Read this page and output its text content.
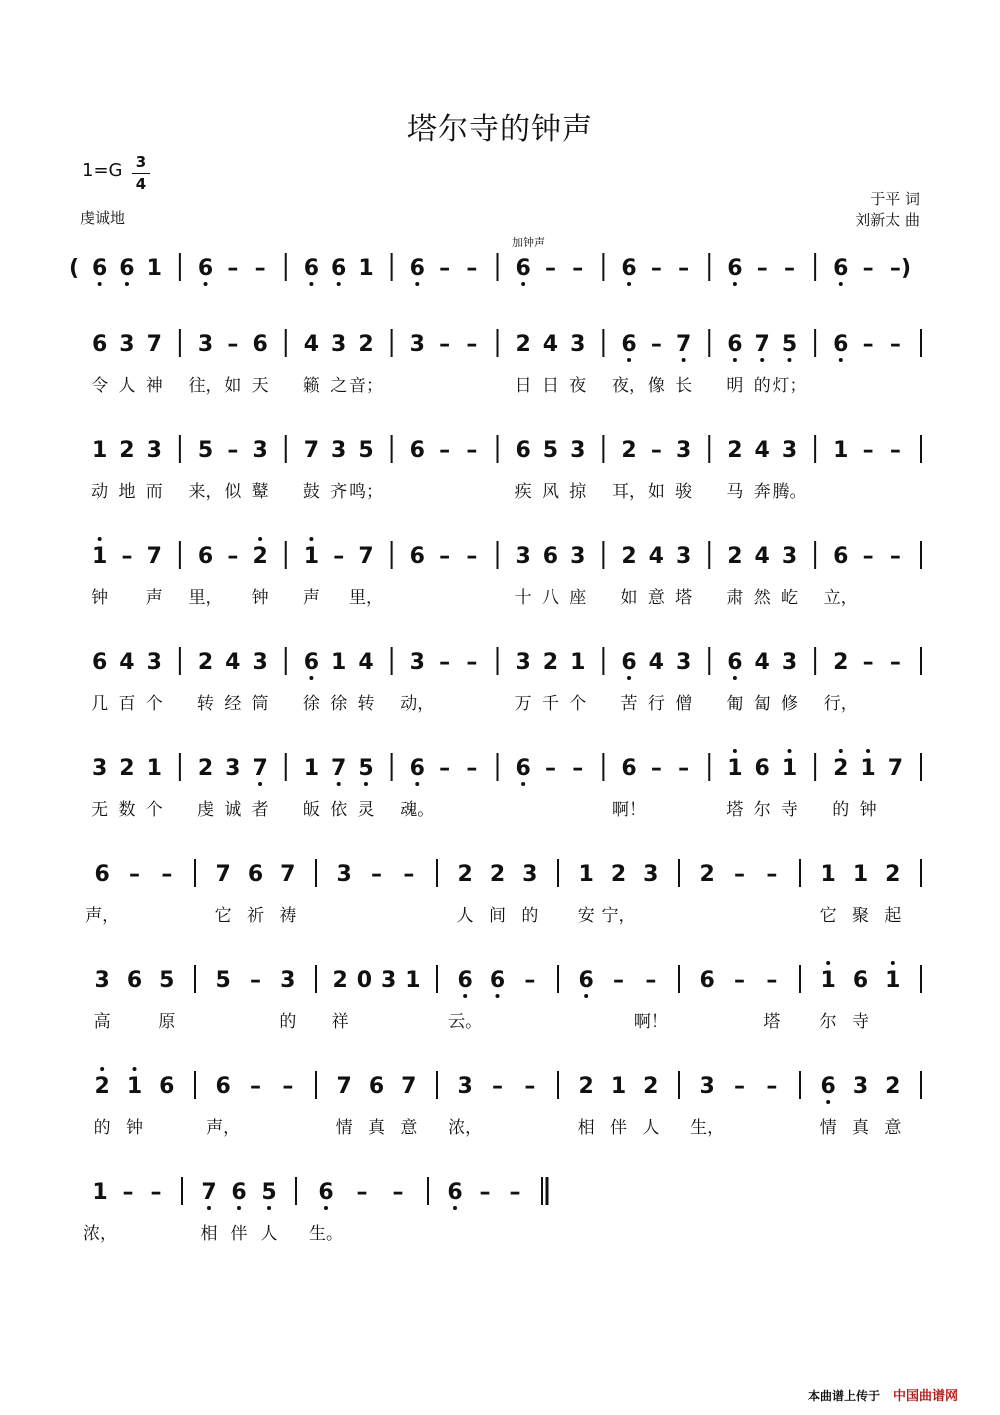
塔尔寺的钟声
1=G 3
4
虔诚地
于平 词
刘新太 曲
加钟声
6 6 1 6 – – 6 6 1 6 – – 6 – – 6 – – 6 – – 6 – –
(	)
6 3 7 3 – 6 4 3 2 3 – – 2 4 3 6 – 7 6 7 5 6 – –
令 人 神 往， 如 天 籁 之 音；	日 日 夜 夜， 像 长 明 的 灯；
1 2 3 5 – 3 7 3 5 6 – – 6 5 3 2 – 3 2 4 3 1 – –
动 地 而 来， 似 鼙 鼓 齐 鸣；	疾 风 掠 耳， 如 骏 马 奔 腾。
1 – 7 6 – 2 1 – 7 6 – – 3 6 3 2 4 3 2 4 3 6 – –
钟 声 里， 钟 声 里，	十 八 座 如 意 塔 肃 然 屹 立，
6 4 3 2 4 3 6 1 4 3 – – 3 2 1 6 4 3 6 4 3 2 – –
几 百 个 转 经 筒 徐 徐 转 动，	万 千 个 苦 行 僧 匍 匐 修 行，
3 2 1 2 3 7 1 7 5 6 – – 6 – – 6 – – 1 6 1 2 1 7
无 数 个 虔 诚 者 皈 依 灵 魂。	啊！	塔 尔 寺 的 钟
6 – – 7 6 7 3 – – 2 2 3 1 2 3 2 – – 1 1 2
声，	它 祈 祷	人 间 的 安 宁，	它 聚 起
3 6 5 5 – 3 2 0 3 1 6 6 – 6 – – 6 – – 1 6 1
高	原	的 祥	云。	啊！	塔 尔 寺
2 1 6 6 – – 7 6 7 3 – – 2 1 2 3 – – 6 3 2
的 钟	声，	情 真 意 浓，	相 伴 人 生，	情 真 意
1 – – 7 6 5 6 – – 6 – –
浓，	相 伴 人 生。
本曲谱上传于 中国曲谱网
